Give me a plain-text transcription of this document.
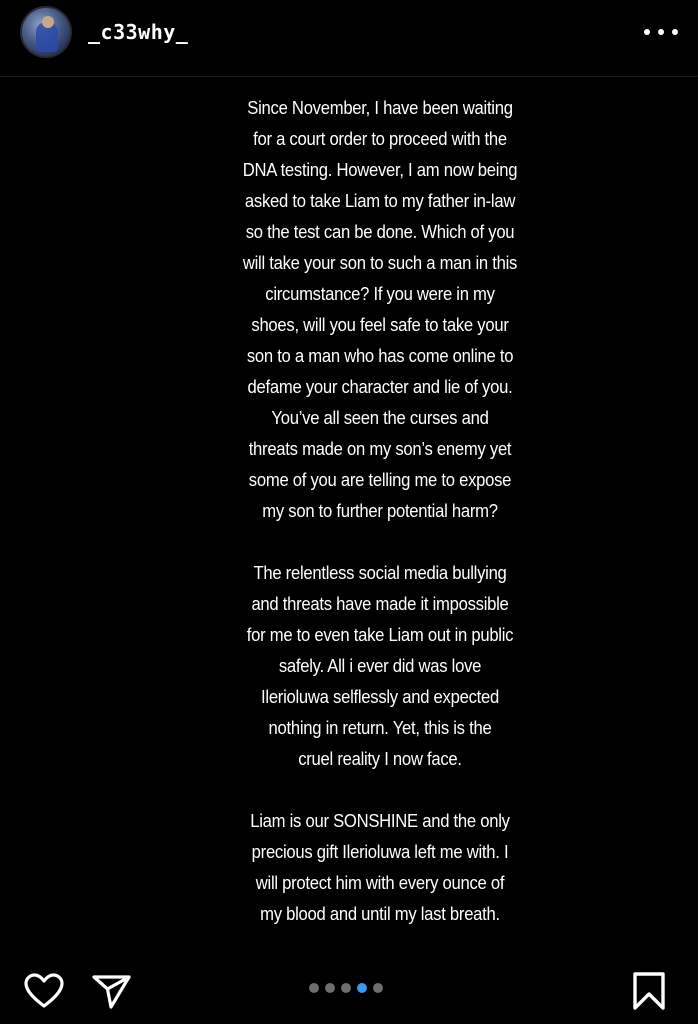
_c33why_

Since November, I have been waiting
for a court order to proceed with the
DNA testing. However, I am now being
asked to take Liam to my father in-law
so the test can be done. Which of you
will take your son to such a man in this
circumstance? If you were in my
shoes, will you feel safe to take your
son to a man who has come online to
defame your character and lie of you.
You’ve all seen the curses and
threats made on my son’s enemy yet
some of you are telling me to expose
my son to further potential harm?

The relentless social media bullying
and threats have made it impossible
for me to even take Liam out in public
safely. All i ever did was love
Ilerioluwa selflessly and expected
nothing in return. Yet, this is the
cruel reality I now face.

Liam is our SONSHINE and the only
precious gift Ilerioluwa left me with. I
will protect him with every ounce of
my blood and until my last breath.
